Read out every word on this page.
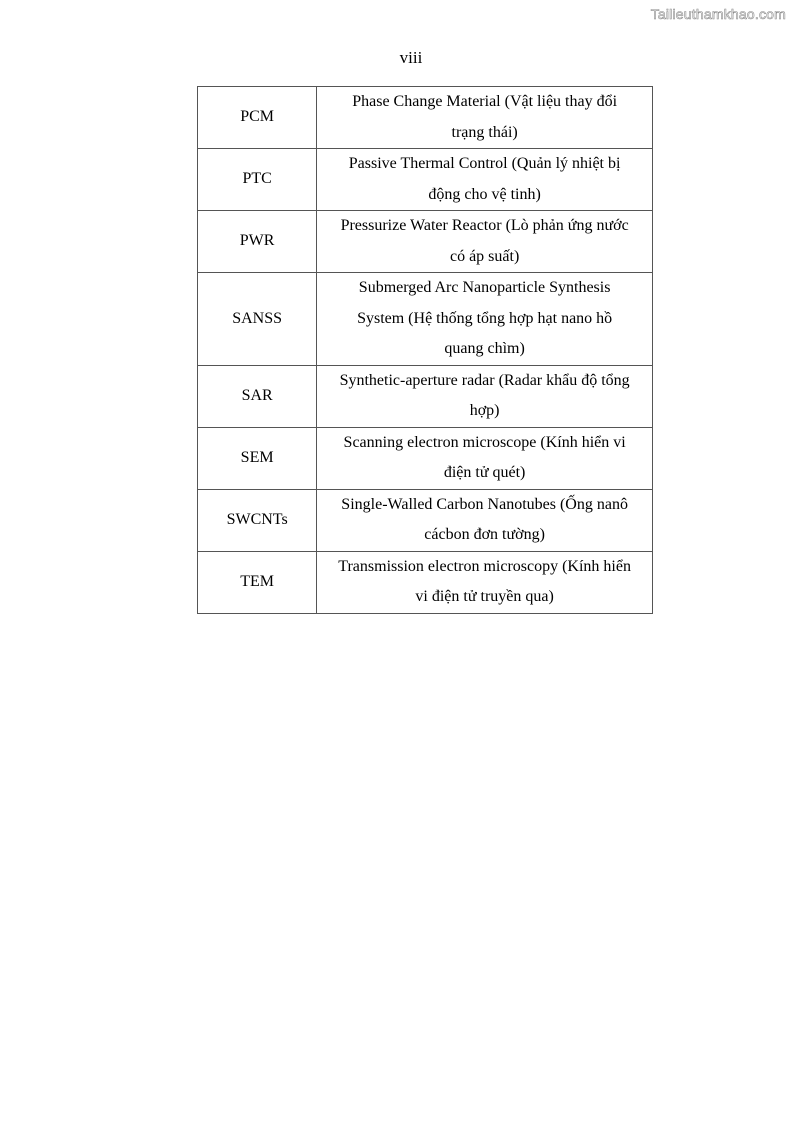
Tailieuthamkhao.com
viii
PCM	Phase Change Material (Vật liệu thay đổi
trạng thái)

PTC	Passive Thermal Control (Quản lý nhiệt bị
động cho vệ tinh)

PWR	Pressurize Water Reactor (Lò phản ứng nước
có áp suất)

SANSS	Submerged Arc Nanoparticle Synthesis
System (Hệ thống tổng hợp hạt nano hồ
quang chìm)

SAR	Synthetic-aperture radar (Radar khẩu độ tổng
hợp)

SEM	Scanning electron microscope (Kính hiển vi
điện tử quét)

SWCNTs	Single-Walled Carbon Nanotubes (Ống nanô
cácbon đơn tường)

TEM	Transmission electron microscopy (Kính hiển
vi điện tử truyền qua)
